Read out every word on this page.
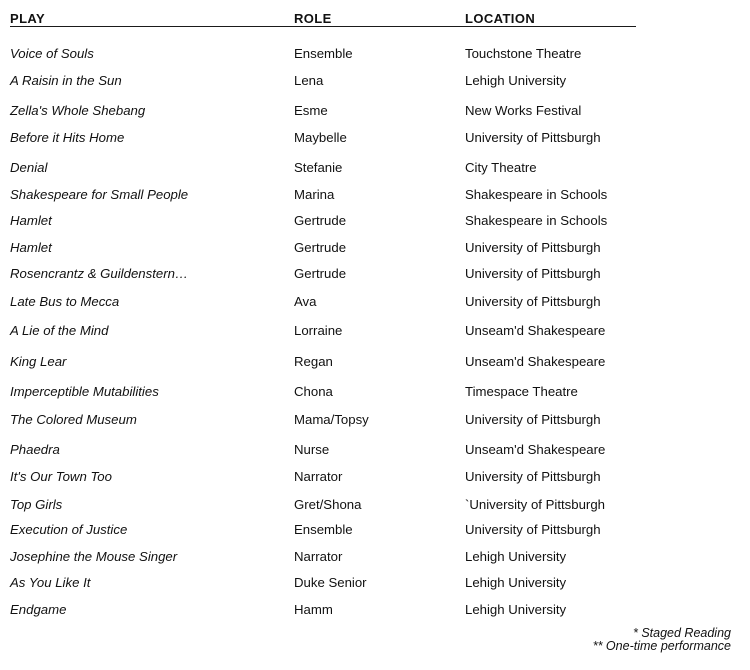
PLAY	ROLE	LOCATION
Voice of Souls	Ensemble	Touchstone Theatre
A Raisin in the Sun	Lena	Lehigh University
Zella's Whole Shebang	Esme	New Works Festival
Before it Hits Home	Maybelle	University of Pittsburgh
Denial	Stefanie	City Theatre
Shakespeare for Small People	Marina	Shakespeare in Schools
Hamlet	Gertrude	Shakespeare in Schools
Hamlet	Gertrude	University of Pittsburgh
Rosencrantz & Guildenstern…	Gertrude	University of Pittsburgh
Late Bus to Mecca	Ava	University of Pittsburgh
A Lie of the Mind	Lorraine	Unseam'd Shakespeare
King Lear	Regan	Unseam'd Shakespeare
Imperceptible Mutabilities	Chona	Timespace Theatre
The Colored Museum	Mama/Topsy	University of Pittsburgh
Phaedra	Nurse	Unseam'd Shakespeare
It's Our Town Too	Narrator	University of Pittsburgh
Top Girls	Gret/Shona	`University of Pittsburgh
Execution of Justice	Ensemble	University of Pittsburgh
Josephine the Mouse Singer	Narrator	Lehigh University
As You Like It	Duke Senior	Lehigh University
Endgame	Hamm	Lehigh University
* Staged Reading
** One-time performance
